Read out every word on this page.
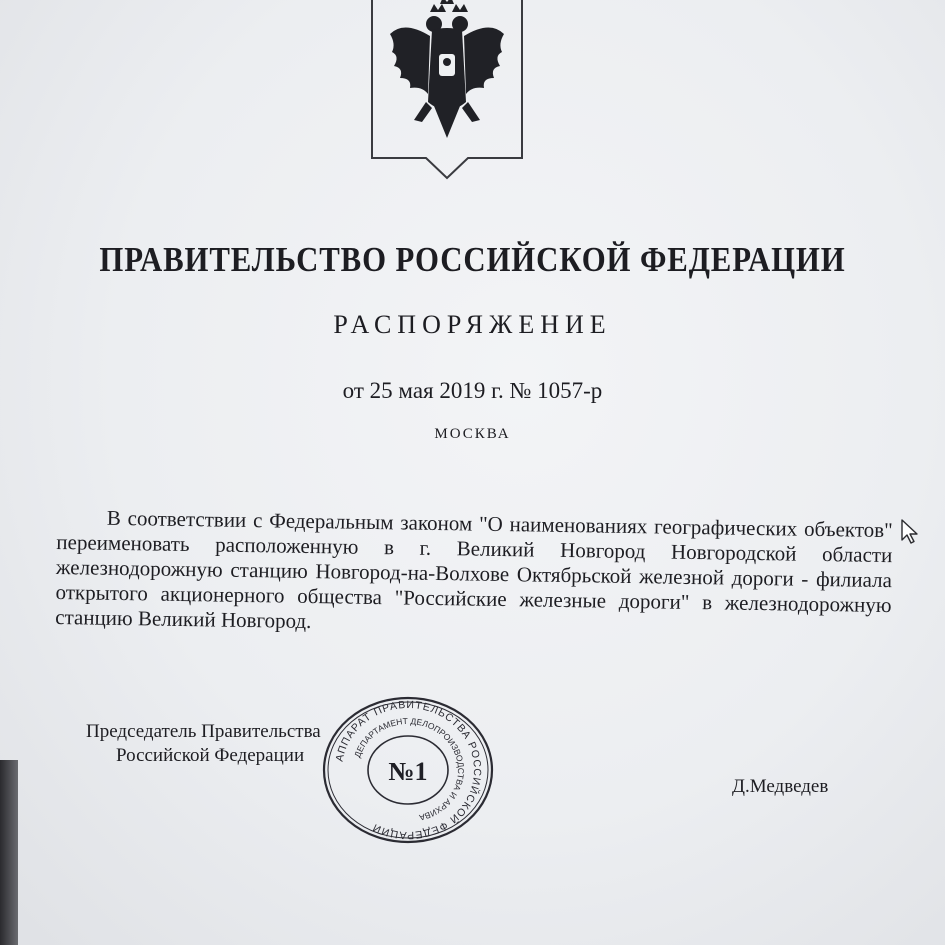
ПРАВИТЕЛЬСТВО РОССИЙСКОЙ ФЕДЕРАЦИИ
РАСПОРЯЖЕНИЕ
от 25 мая 2019 г. № 1057-р
МОСКВА
В соответствии с Федеральным законом "О наименованиях географических объектов" переименовать расположенную в г. Великий Новгород Новгородской области железнодорожную станцию Новгород-на-Волхове Октябрьской железной дороги - филиала открытого акционерного общества "Российские железные дороги" в железнодорожную станцию Великий Новгород.
Председатель Правительства
Российской Федерации
Д.Медведев
АППАРАТ ПРАВИТЕЛЬСТВА РОССИЙСКОЙ ФЕДЕРАЦИИ
ДЕПАРТАМЕНТ ДЕЛОПРОИЗВОДСТВА И АРХИВА
№1
